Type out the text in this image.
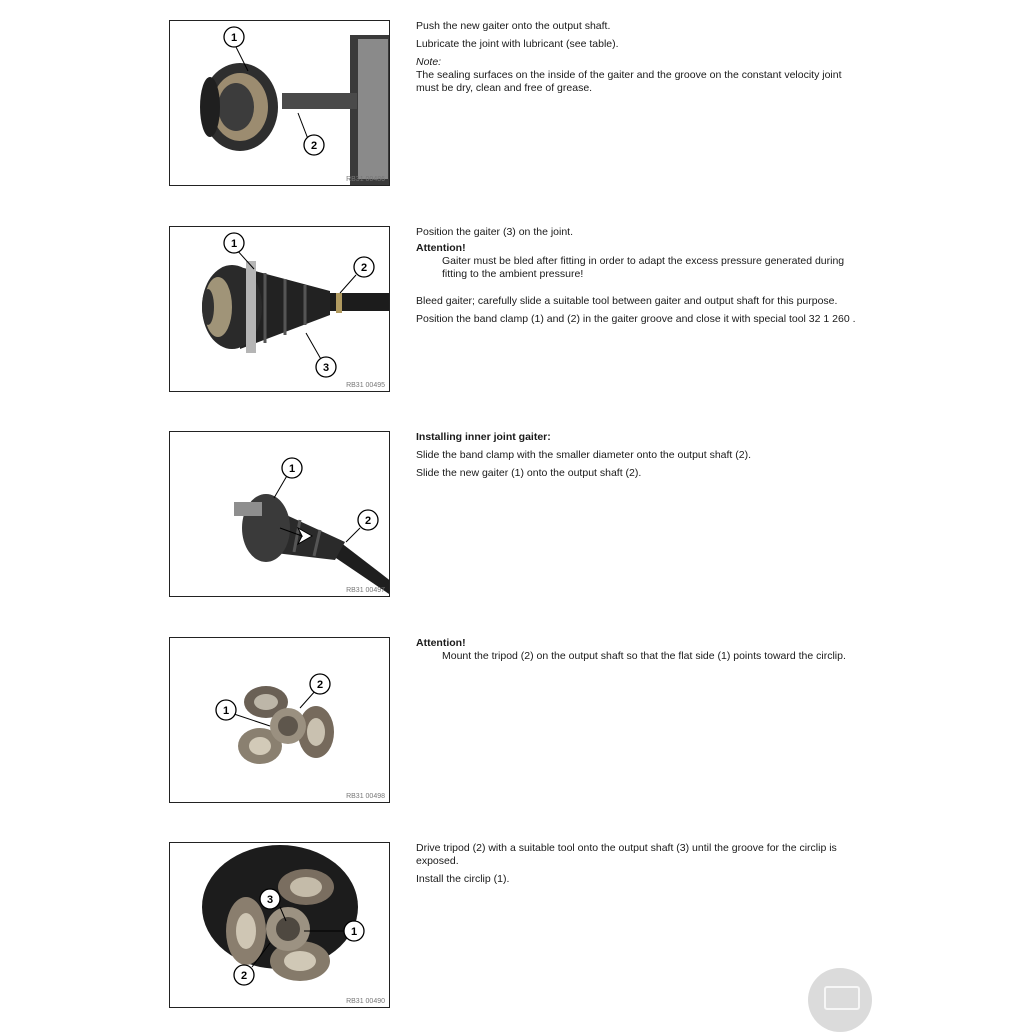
1
2
RB31 00486

Push the new gaiter onto the output shaft.

Lubricate the joint with lubricant (see table).

Note:

The sealing surfaces on the inside of the gaiter and the groove on the constant velocity joint must be dry, clean and free of grease.

1
2
3
RB31 00495

Position the gaiter (3) on the joint.

Attention!

Gaiter must be bled after fitting in order to adapt the excess pressure generated during fitting to the ambient pressure!

Bleed gaiter; carefully slide a suitable tool between gaiter and output shaft for this purpose.

Position the band clamp (1) and (2) in the gaiter groove and close it with special tool 32 1 260 .

1
2
RB31 00497

Installing inner joint gaiter:

Slide the band clamp with the smaller diameter onto the output shaft (2).

Slide the new gaiter (1) onto the output shaft (2).

1
2
RB31 00498

Attention!

Mount the tripod (2) on the output shaft so that the flat side (1) points toward the circlip.

3
1
2
RB31 00490

Drive tripod (2) with a suitable tool onto the output shaft (3) until the groove for the circlip is exposed.

Install the circlip (1).
